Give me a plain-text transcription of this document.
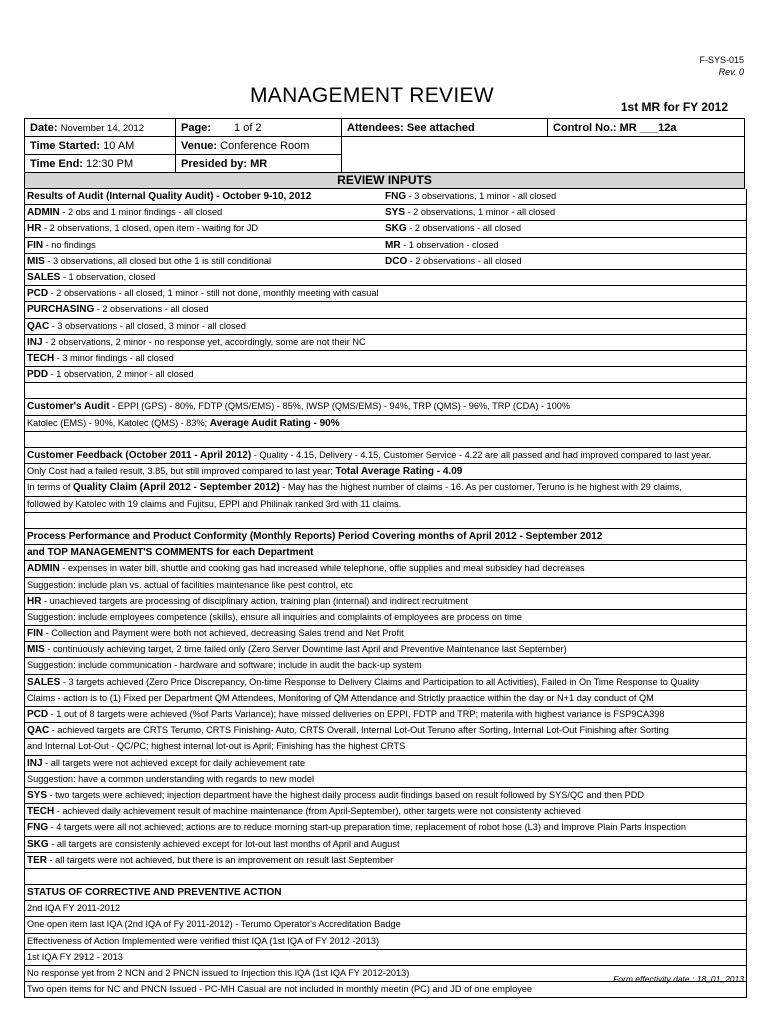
F-SYS-015
Rev. 0
MANAGEMENT REVIEW	1st MR for FY 2012
Date: November 14, 2012	Page: 1 of 2	Attendees: See attached	Control No.: MR ___12a
Time Started: 10 AM	Venue: Conference Room		
Time End: 12:30 PM	Presided by: MR		
REVIEW INPUTS
Results of Audit (Internal Quality Audit) - October 9-10, 2012	FNG - 3 observations, 1 minor - all closed
ADMIN - 2 obs and 1 minor findings - all closed	SYS - 2 observations, 1 minor - all closed
HR - 2 observations, 1 closed, open item - waiting for JD	SKG - 2 observations - all closed
FIN - no findings	MR - 1 observation - closed
MIS - 3 observations, all closed but othe 1 is still conditional	DCO - 2 observations - all closed
SALES - 1 observation, closed
PCD - 2 observations - all closed, 1 minor - still not done, monthly meeting with casual
PURCHASING - 2 observations - all closed
QAC - 3 observations - all closed, 3 minor - all closed
INJ - 2 observations, 2 minor - no response yet, accordingly, some are not their NC
TECH - 3 minor findings - all closed
PDD - 1 observation, 2 minor - all closed
Customer's Audit - EPPI (GPS) - 80%, FDTP (QMS/EMS) - 85%, IWSP (QMS/EMS) - 94%, TRP (QMS) - 96%, TRP (CDA) - 100%
Katolec (EMS) - 90%, Katolec (QMS) - 83%; Average Audit Rating - 90%
Customer Feedback (October 2011 - April 2012) - Quality - 4.15, Delivery - 4.15, Customer Service - 4.22 are all passed and had improved compared to last year.
Only Cost had a failed result, 3.85, but still improved compared to last year; Total Average Rating - 4.09
In terms of Quality Claim (April 2012 - September 2012) - May has the highest number of claims - 16. As per customer, Teruno is he highest with 29 claims,
followed by Katolec with 19 claims and Fujitsu, EPPI and Philinak ranked 3rd with 11 claims.
Process Performance and Product Conformity (Monthly Reports) Period Covering months of April 2012 - September 2012
and TOP MANAGEMENT'S COMMENTS for each Department
ADMIN - expenses in water bill, shuttle and cooking gas had increased while telephone, offie supplies and meal subsidey had decreases
Suggestion: include plan vs. actual of facilities maintenance like pest control, etc
HR - unachieved targets are processing of disciplinary action, training plan (internal) and indirect recruitment
Suggestion: include employees competence (skills), ensure all inquiries and complaints of employees are process on time
FIN - Collection and Payment were both not achieved, decreasing Sales trend and Net Profit
MIS - continuously achieving target, 2 time failed only (Zero Server Downtime last April and Preventive Maintenance last September)
Suggestion: include communication - hardware and software; include in audit the back-up system
SALES - 3 targets achieved (Zero Price Discrepancy, On-time Response to Delivery Claims and Participation to all Activities), Failed in On Time Response to Quality
Claims - action is to (1) Fixed per Department QM Attendees, Monitoring of QM Attendance and Strictly praactice within the day or N+1 day conduct of QM
PCD - 1 out of 8 targets were achieved (%of Parts Variance); have missed deliveries on EPPI, FDTP and TRP; materila with highest variance is FSP9CA398
QAC - achieved targets are CRTS Terumo, CRTS Finishing- Auto, CRTS Overall, Internal Lot-Out Teruno after Sorting, Internal Lot-Out Finishing after Sorting
and Internal Lot-Out - QC/PC; highest internal lot-out is April; Finishing has the highest CRTS
INJ - all targets were not achieved except for daily achievement rate
Suggestion: have a common understanding with regards to new model
SYS - two targets were achieved; injection department have the highest daily process audit findings based on result followed by SYS/QC and then PDD
TECH - achieved daily achievement result of machine maintenance (from April-September), other targets were not consistenty achieved
FNG - 4 targets were all not achieved; actions are to reduce morning start-up preparation time, replacement of robot hose (L3) and Improve Plain Parts Inspection
SKG - all targets are consistenly achieved except for lot-out last months of April and August
TER - all targets were not achieved, but there is an improvement on result last September
STATUS OF CORRECTIVE AND PREVENTIVE ACTION
2nd IQA FY 2011-2012
One open item last IQA (2nd IQA of Fy 2011-2012) - Terumo Operator's Accreditation Badge
Effectiveness of Action Implemented were verified thist IQA (1st IQA of FY 2012 -2013)
1st IQA FY 2912 - 2013
No response yet from 2 NCN and 2 PNCN issued to Injection this IQA (1st IQA FY 2012-2013)
Two open items for NC and PNCN Issued - PC-MH Casual are not included in monthly meetin (PC) and JD of one employee
Form effectivity date : 18_01_2013
